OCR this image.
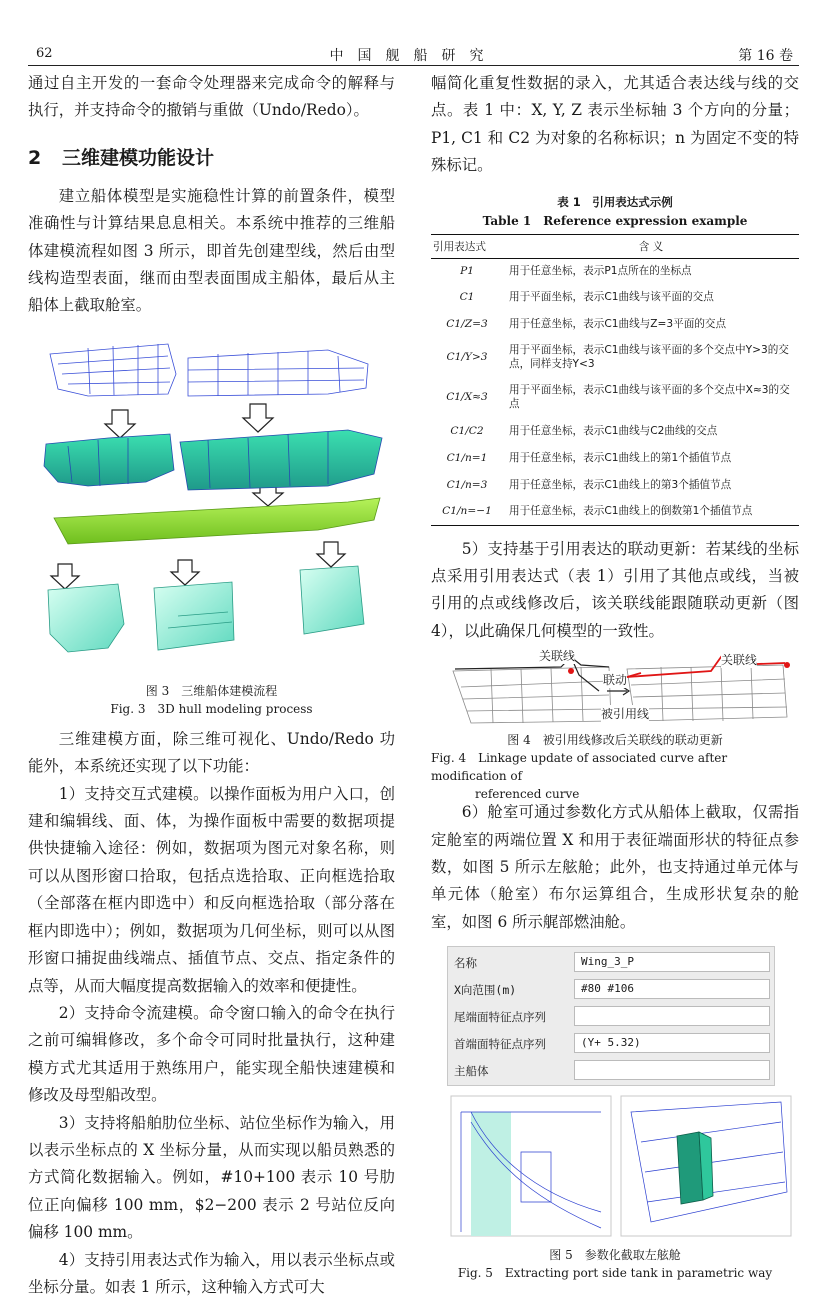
62	中国舰船研究	第 16 卷

通过自主开发的一套命令处理器来完成命令的解释与执行，并支持命令的撤销与重做（Undo/Redo）。

2 三维建模功能设计

建立船体模型是实施稳性计算的前置条件，模型准确性与计算结果息息相关。本系统中推荐的三维船体建模流程如图 3 所示，即首先创建型线，然后由型线构造型表面，继而由型表面围成主船体，最后从主船体上截取舱室。

图 3　三维船体建模流程
Fig. 3　3D hull modeling process

三维建模方面，除三维可视化、Undo/Redo 功能外，本系统还实现了以下功能：

1）支持交互式建模。以操作面板为用户入口，创建和编辑线、面、体，为操作面板中需要的数据项提供快捷输入途径：例如，数据项为图元对象名称，则可以从图形窗口拾取，包括点选拾取、正向框选拾取（全部落在框内即选中）和反向框选拾取（部分落在框内即选中）；例如，数据项为几何坐标，则可以从图形窗口捕捉曲线端点、插值节点、交点、指定条件的点等，从而大幅度提高数据输入的效率和便捷性。

2）支持命令流建模。命令窗口输入的命令在执行之前可编辑修改，多个命令可同时批量执行，这种建模方式尤其适用于熟练用户，能实现全船快速建模和修改及母型船改型。

3）支持将船舶肋位坐标、站位坐标作为输入，用以表示坐标点的 X 坐标分量，从而实现以船员熟悉的方式简化数据输入。例如，#10+100 表示 10 号肋位正向偏移 100 mm，$2−200 表示 2 号站位反向偏移 100 mm。

4）支持引用表达式作为输入，用以表示坐标点或坐标分量。如表 1 所示，这种输入方式可大

幅简化重复性数据的录入，尤其适合表达线与线的交点。表 1 中：X, Y, Z 表示坐标轴 3 个方向的分量；P1, C1 和 C2 为对象的名称标识；n 为固定不变的特殊标记。

表 1　引用表达式示例
Table 1　Reference expression example
引用表达式	含 义
P1	用于任意坐标，表示P1点所在的坐标点
C1	用于平面坐标，表示C1曲线与该平面的交点
C1/Z=3	用于任意坐标，表示C1曲线与Z=3平面的交点
C1/Y>3	用于平面坐标，表示C1曲线与该平面的多个交点中Y>3的交点，同样支持Y<3
C1/X≈3	用于平面坐标，表示C1曲线与该平面的多个交点中X≈3的交点
C1/C2	用于任意坐标，表示C1曲线与C2曲线的交点
C1/n=1	用于任意坐标，表示C1曲线上的第1个插值节点
C1/n=3	用于任意坐标，表示C1曲线上的第3个插值节点
C1/n=−1	用于任意坐标，表示C1曲线上的倒数第1个插值节点

5）支持基于引用表达的联动更新：若某线的坐标点采用引用表达式（表 1）引用了其他点或线，当被引用的点或线修改后，该关联线能跟随联动更新（图 4），以此确保几何模型的一致性。

关联线	关联线
联动
被引用线
图 4　被引用线修改后关联线的联动更新
Fig. 4　Linkage update of associated curve after modification of
referenced curve

6）舱室可通过参数化方式从船体上截取，仅需指定舱室的两端位置 X 和用于表征端面形状的特征点参数，如图 5 所示左舷舱；此外，也支持通过单元体与单元体（舱室）布尔运算组合，生成形状复杂的舱室，如图 6 所示艉部燃油舱。

名称	Wing_3_P
X向范围(m)	#80 #106
尾端面特征点序列
首端面特征点序列	(Y+ 5.32)
主船体
图 5　参数化截取左舷舱
Fig. 5　Extracting port side tank in parametric way
